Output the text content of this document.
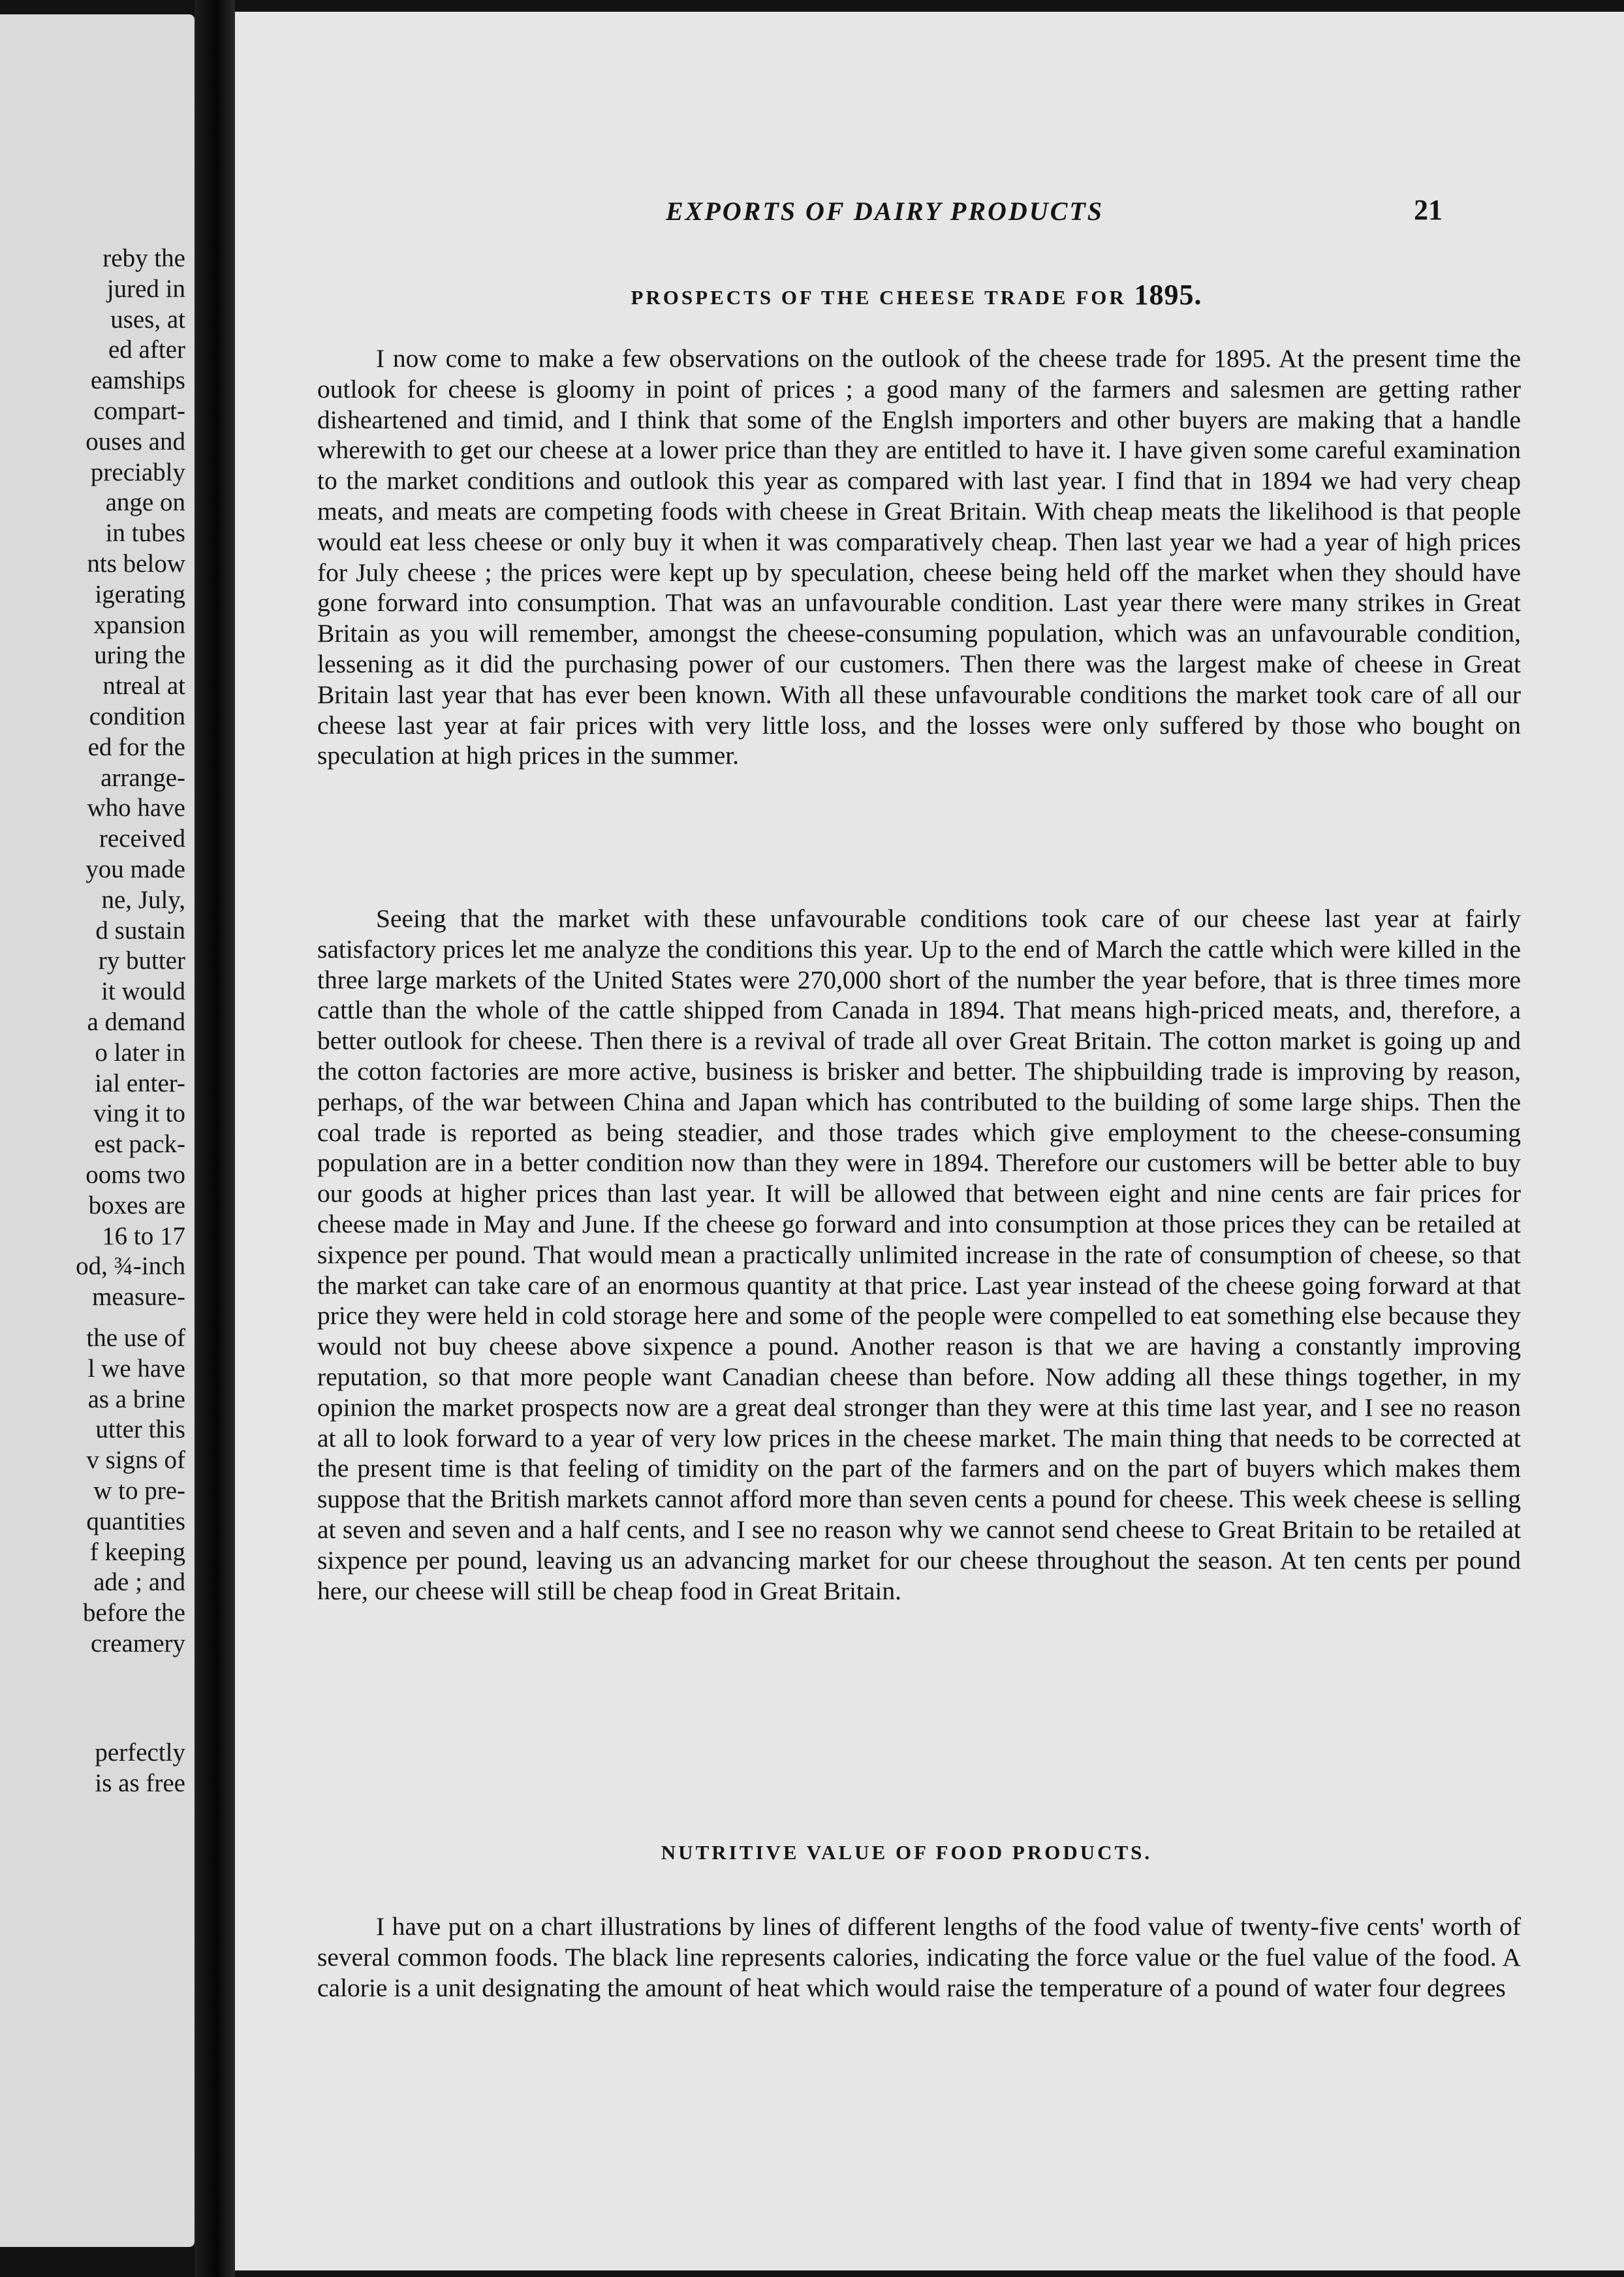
reby the
jured in
uses, at
ed after
eamships
compart-
ouses and
preciably
ange on
in tubes
nts below
igerating
xpansion
uring the
ntreal at
condition
ed for the
arrange-
who have
received
you made
ne, July,
d sustain
ry butter
it would
a demand
o later in
ial enter-
ving it to
est pack-
ooms two
boxes are
16 to 17
od, ¾-inch
measure-
the use of
l we have
as a brine
utter this
v signs of
w to pre-
quantities
f keeping
ade ; and
before the
creamery
perfectly
is as free
EXPORTS OF DAIRY PRODUCTS	21
PROSPECTS OF THE CHEESE TRADE FOR 1895.

I now come to make a few observations on the outlook of the cheese trade for 1895. At the present time the outlook for cheese is gloomy in point of prices ; a good many of the farmers and salesmen are getting rather disheartened and timid, and I think that some of the Englsh importers and other buyers are making that a handle wherewith to get our cheese at a lower price than they are entitled to have it. I have given some careful examination to the market conditions and outlook this year as compared with last year. I find that in 1894 we had very cheap meats, and meats are competing foods with cheese in Great Britain. With cheap meats the likelihood is that people would eat less cheese or only buy it when it was comparatively cheap. Then last year we had a year of high prices for July cheese ; the prices were kept up by speculation, cheese being held off the market when they should have gone forward into consumption. That was an unfavourable condition. Last year there were many strikes in Great Britain as you will remember, amongst the cheese-consuming population, which was an unfavourable condition, lessening as it did the purchasing power of our customers. Then there was the largest make of cheese in Great Britain last year that has ever been known. With all these unfavourable conditions the market took care of all our cheese last year at fair prices with very little loss, and the losses were only suffered by those who bought on speculation at high prices in the summer.

Seeing that the market with these unfavourable conditions took care of our cheese last year at fairly satisfactory prices let me analyze the conditions this year. Up to the end of March the cattle which were killed in the three large markets of the United States were 270,000 short of the number the year before, that is three times more cattle than the whole of the cattle shipped from Canada in 1894. That means high-priced meats, and, therefore, a better outlook for cheese. Then there is a revival of trade all over Great Britain. The cotton market is going up and the cotton factories are more active, business is brisker and better. The shipbuilding trade is improving by reason, perhaps, of the war between China and Japan which has contributed to the building of some large ships. Then the coal trade is reported as being steadier, and those trades which give employment to the cheese-consuming population are in a better condition now than they were in 1894. Therefore our customers will be better able to buy our goods at higher prices than last year. It will be allowed that between eight and nine cents are fair prices for cheese made in May and June. If the cheese go forward and into consumption at those prices they can be retailed at sixpence per pound. That would mean a practically unlimited increase in the rate of consumption of cheese, so that the market can take care of an enormous quantity at that price. Last year instead of the cheese going forward at that price they were held in cold storage here and some of the people were compelled to eat something else because they would not buy cheese above sixpence a pound. Another reason is that we are having a constantly improving reputation, so that more people want Canadian cheese than before. Now adding all these things together, in my opinion the market prospects now are a great deal stronger than they were at this time last year, and I see no reason at all to look forward to a year of very low prices in the cheese market. The main thing that needs to be corrected at the present time is that feeling of timidity on the part of the farmers and on the part of buyers which makes them suppose that the British markets cannot afford more than seven cents a pound for cheese. This week cheese is selling at seven and seven and a half cents, and I see no reason why we cannot send cheese to Great Britain to be retailed at sixpence per pound, leaving us an advancing market for our cheese throughout the season. At ten cents per pound here, our cheese will still be cheap food in Great Britain.

NUTRITIVE VALUE OF FOOD PRODUCTS.

I have put on a chart illustrations by lines of different lengths of the food value of twenty-five cents' worth of several common foods. The black line represents calories, indicating the force value or the fuel value of the food. A calorie is a unit designating the amount of heat which would raise the temperature of a pound of water four degrees
